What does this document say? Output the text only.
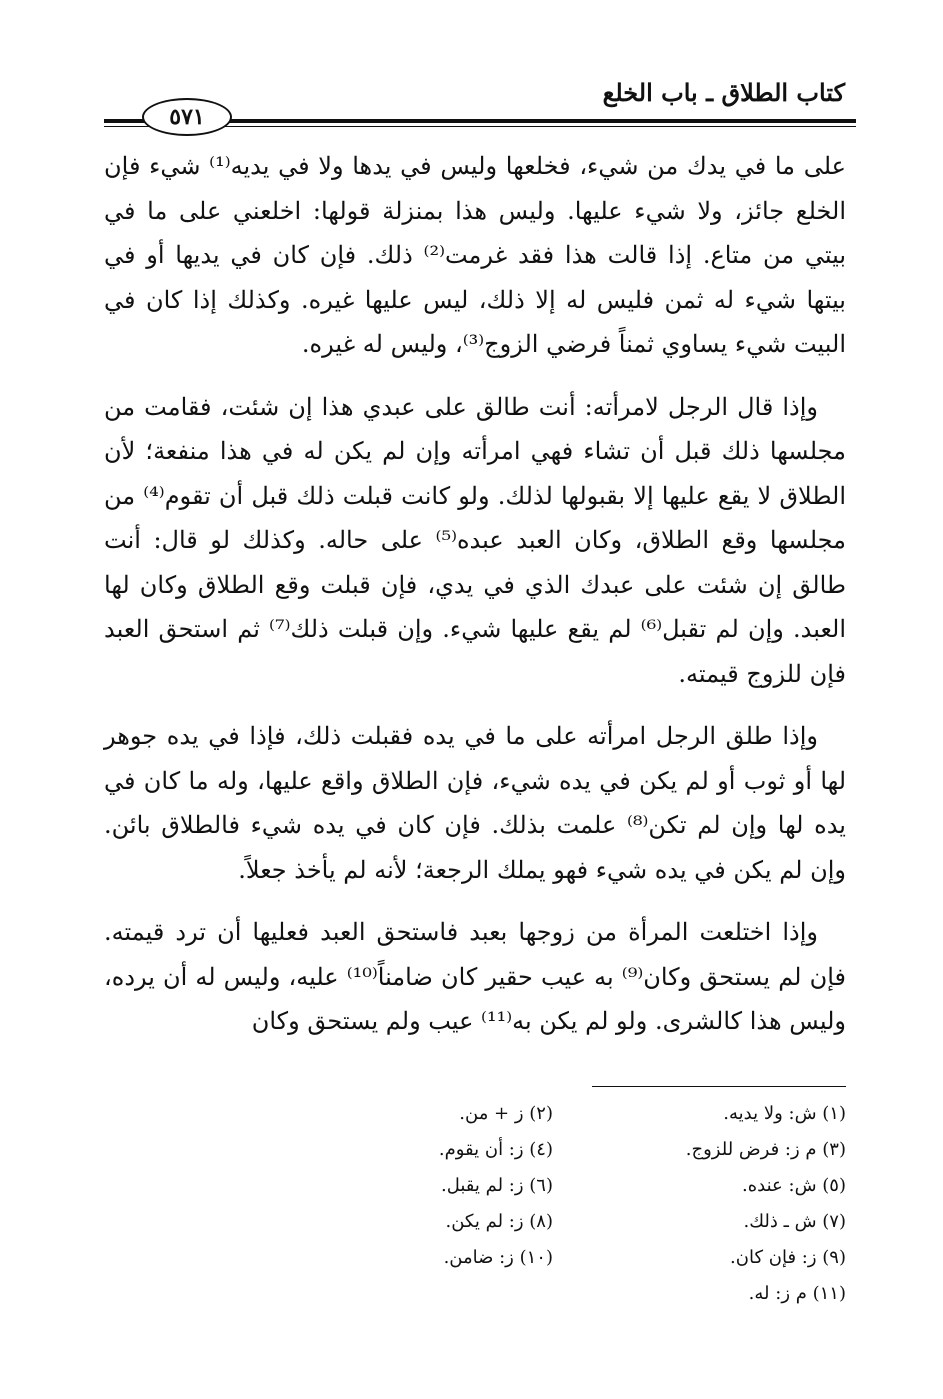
كتاب الطلاق ـ باب الخلع
٥٧١

على ما في يدك من شيء، فخلعها وليس في يدها ولا في يديه⁽¹⁾ شيء فإن الخلع جائز، ولا شيء عليها. وليس هذا بمنزلة قولها: اخلعني على ما في بيتي من متاع. إذا قالت هذا فقد غرمت⁽²⁾ ذلك. فإن كان في يديها أو في بيتها شيء له ثمن فليس له إلا ذلك، ليس عليها غيره. وكذلك إذا كان في البيت شيء يساوي ثمناً فرضي الزوج⁽³⁾، وليس له غيره.

وإذا قال الرجل لامرأته: أنت طالق على عبدي هذا إن شئت، فقامت من مجلسها ذلك قبل أن تشاء فهي امرأته وإن لم يكن له في هذا منفعة؛ لأن الطلاق لا يقع عليها إلا بقبولها لذلك. ولو كانت قبلت ذلك قبل أن تقوم⁽⁴⁾ من مجلسها وقع الطلاق، وكان العبد عبده⁽⁵⁾ على حاله. وكذلك لو قال: أنت طالق إن شئت على عبدك الذي في يدي، فإن قبلت وقع الطلاق وكان لها العبد. وإن لم تقبل⁽⁶⁾ لم يقع عليها شيء. وإن قبلت ذلك⁽⁷⁾ ثم استحق العبد فإن للزوج قيمته.

وإذا طلق الرجل امرأته على ما في يده فقبلت ذلك، فإذا في يده جوهر لها أو ثوب أو لم يكن في يده شيء، فإن الطلاق واقع عليها، وله ما كان في يده لها وإن لم تكن⁽⁸⁾ علمت بذلك. فإن كان في يده شيء فالطلاق بائن. وإن لم يكن في يده شيء فهو يملك الرجعة؛ لأنه لم يأخذ جعلاً.

وإذا اختلعت المرأة من زوجها بعبد فاستحق العبد فعليها أن ترد قيمته. فإن لم يستحق وكان⁽⁹⁾ به عيب حقير كان ضامناً⁽¹⁰⁾ عليه، وليس له أن يرده، وليس هذا كالشرى. ولو لم يكن به⁽¹¹⁾ عيب ولم يستحق وكان

(١) ش: ولا يديه.
(٢) ز + من.
(٣) م ز: فرض للزوج.
(٤) ز: أن يقوم.
(٥) ش: عنده.
(٦) ز: لم يقبل.
(٧) ش ـ ذلك.
(٨) ز: لم يكن.
(٩) ز: فإن كان.
(١٠) ز: ضامن.
(١١) م ز: له.
